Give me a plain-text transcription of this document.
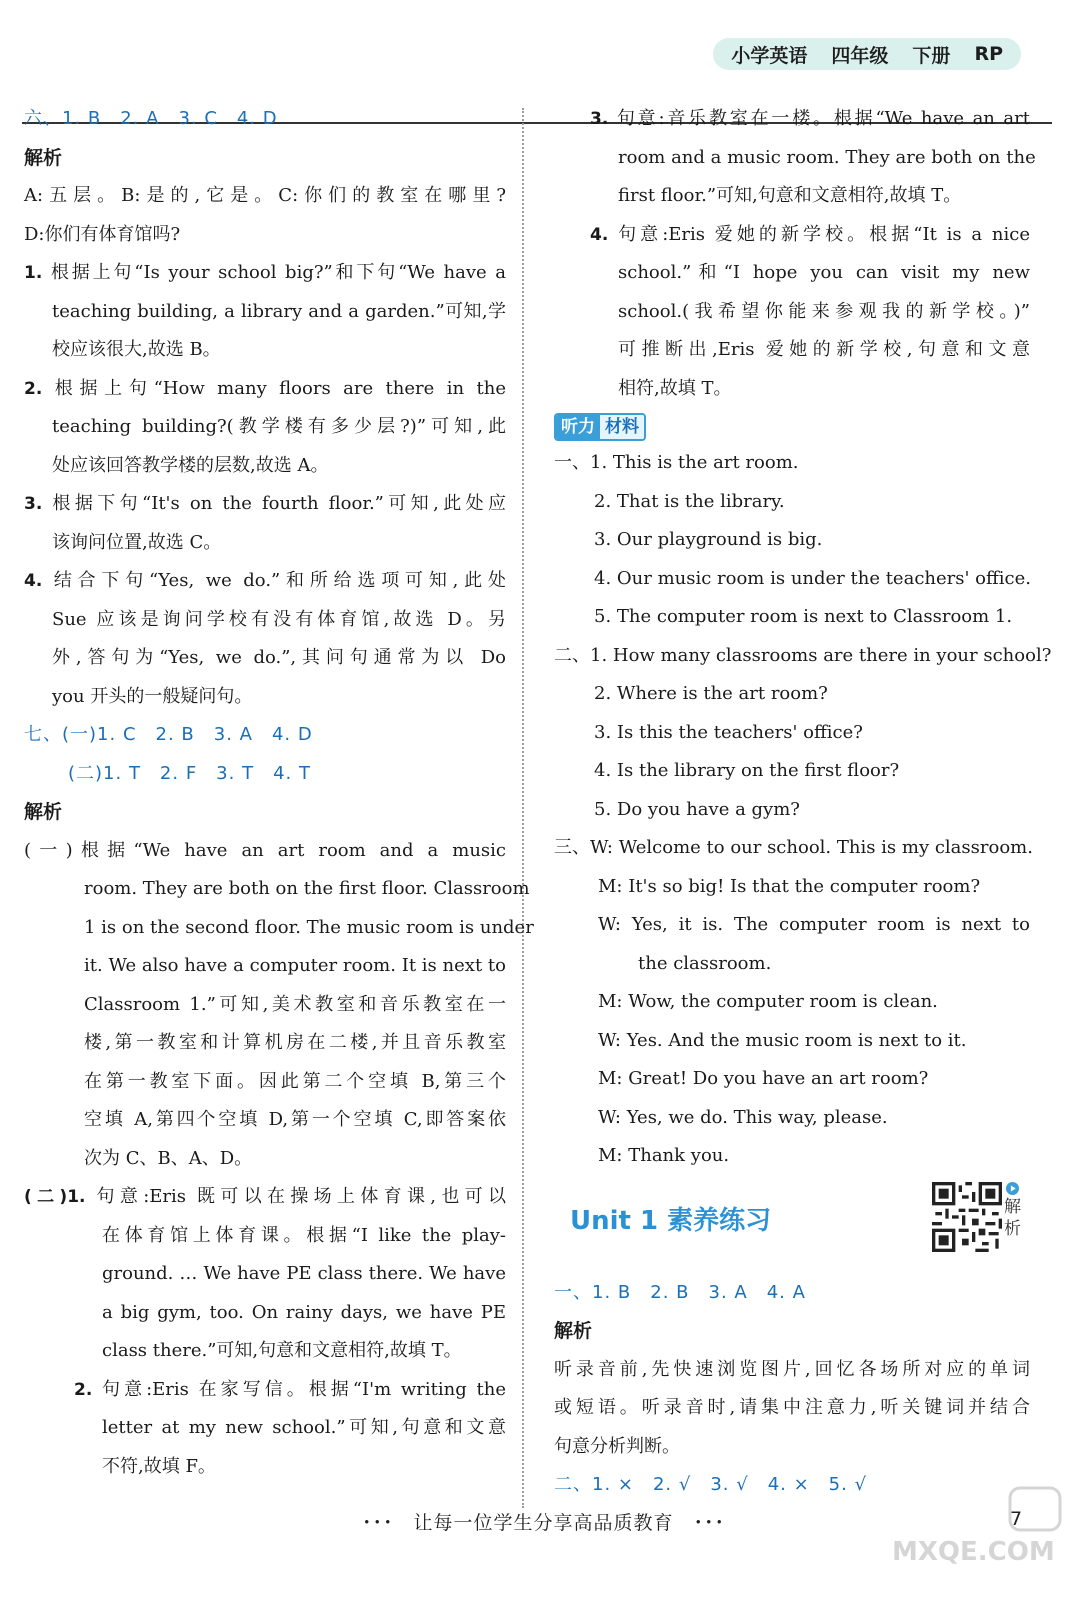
小学英语 四年级 下册 RP
六、1. B　2. A　3. C　4. D
解析
A:五层。B:是的,它是。C:你们的教室在哪里?
D:你们有体育馆吗?
1. 根据上句“Is your school big?”和下句“We have a
teaching building, a library and a garden.”可知,学
校应该很大,故选 B。
2. 根据上句“How many floors are there in the
teaching building?(教学楼有多少层?)”可知,此
处应该回答教学楼的层数,故选 A。
3. 根据下句“It's on the fourth floor.”可知,此处应
该询问位置,故选 C。
4. 结合下句“Yes, we do.”和所给选项可知,此处
Sue 应该是询问学校有没有体育馆,故选 D。另
外,答句为“Yes, we do.”,其问句通常为以 Do
you 开头的一般疑问句。
七、(一)1. C　2. B　3. A　4. D
(二)1. T　2. F　3. T　4. T
解析
(一)根据“We have an art room and a music
room. They are both on the first floor. Classroom
1 is on the second floor. The music room is under
it. We also have a computer room. It is next to
Classroom 1.”可知,美术教室和音乐教室在一
楼,第一教室和计算机房在二楼,并且音乐教室
在第一教室下面。因此第二个空填 B,第三个
空填 A,第四个空填 D,第一个空填 C,即答案依
次为 C、B、A、D。
(二)1. 句意:Eris 既可以在操场上体育课,也可以
在体育馆上体育课。根据“I like the play-
ground. … We have PE class there. We have
a big gym, too. On rainy days, we have PE
class there.”可知,句意和文意相符,故填 T。
2. 句意:Eris 在家写信。根据“I'm writing the
letter at my new school.”可知,句意和文意
不符,故填 F。
3. 句意:音乐教室在一楼。根据“We have an art
room and a music room. They are both on the
first floor.”可知,句意和文意相符,故填 T。
4. 句意:Eris 爱她的新学校。根据“It is a nice
school.”和“I hope you can visit my new
school.(我希望你能来参观我的新学校。)”
可推断出,Eris 爱她的新学校,句意和文意
相符,故填 T。
听力 材料
一、1. This is the art room.
2. That is the library.
3. Our playground is big.
4. Our music room is under the teachers' office.
5. The computer room is next to Classroom 1.
二、1. How many classrooms are there in your school?
2. Where is the art room?
3. Is this the teachers' office?
4. Is the library on the first floor?
5. Do you have a gym?
三、W: Welcome to our school. This is my classroom.
M: It's so big! Is that the computer room?
W: Yes, it is. The computer room is next to
the classroom.
M: Wow, the computer room is clean.
W: Yes. And the music room is next to it.
M: Great! Do you have an art room?
W: Yes, we do. This way, please.
M: Thank you.
Unit 1 素养练习	解析
一、1. B　2. B　3. A　4. A
解析
听录音前,先快速浏览图片,回忆各场所对应的单词
或短语。听录音时,请集中注意力,听关键词并结合
句意分析判断。
二、1. ×　2. √　3. √　4. ×　5. √
･･･　让每一位学生分享高品质教育　･･･	7
MXQE.COM
